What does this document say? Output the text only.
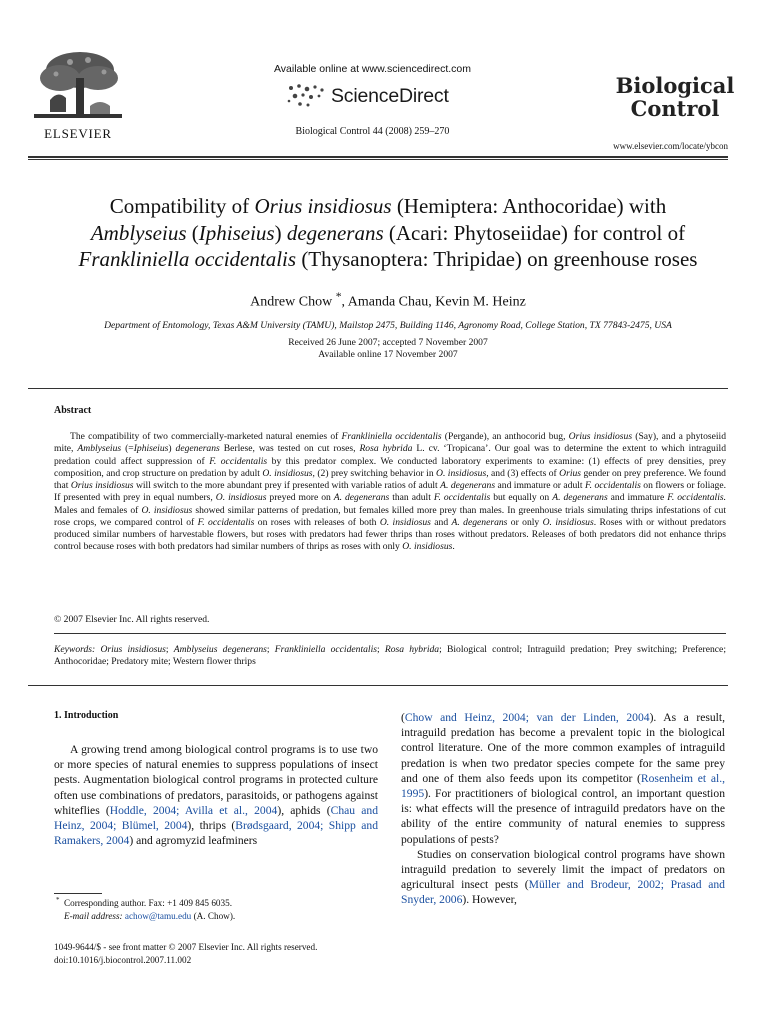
ELSEVIER
Available online at www.sciencedirect.com
ScienceDirect
Biological Control 44 (2008) 259–270
Biological
Control
www.elsevier.com/locate/ybcon
Compatibility of Orius insidiosus (Hemiptera: Anthocoridae) with
Amblyseius (Iphiseius) degenerans (Acari: Phytoseiidae) for control of
Frankliniella occidentalis (Thysanoptera: Thripidae) on greenhouse roses
Andrew Chow *, Amanda Chau, Kevin M. Heinz
Department of Entomology, Texas A&M University (TAMU), Mailstop 2475, Building 1146, Agronomy Road, College Station, TX 77843-2475, USA
Received 26 June 2007; accepted 7 November 2007
Available online 17 November 2007
Abstract
The compatibility of two commercially-marketed natural enemies of Frankliniella occidentalis (Pergande), an anthocorid bug, Orius insidiosus (Say), and a phytoseiid mite, Amblyseius (=Iphiseius) degenerans Berlese, was tested on cut roses, Rosa hybrida L. cv. ‘Tropicana’. Our goal was to determine the extent to which intraguild predation could affect suppression of F. occidentalis by this predator complex. We conducted laboratory experiments to examine: (1) effects of prey densities, prey composition, and crop structure on predation by adult O. insidiosus, (2) prey switching behavior in O. insidiosus, and (3) effects of Orius gender on prey preference. We found that Orius insidiosus will switch to the more abundant prey if presented with variable ratios of adult A. degenerans and immature or adult F. occidentalis on flowers or foliage. If presented with prey in equal numbers, O. insidiosus preyed more on A. degenerans than adult F. occidentalis but equally on A. degenerans and immature F. occidentalis. Males and females of O. insidiosus showed similar patterns of predation, but females killed more prey than males. In greenhouse trials simulating thrips infestations of cut rose crops, we compared control of F. occidentalis on roses with releases of both O. insidiosus and A. degenerans or only O. insidiosus. Roses with or without predators produced similar numbers of harvestable flowers, but roses with predators had fewer thrips than roses without predators. Releases of both predators did not enhance thrips control because roses with both predators had similar numbers of thrips as roses with only O. insidiosus.
© 2007 Elsevier Inc. All rights reserved.
Keywords: Orius insidiosus; Amblyseius degenerans; Frankliniella occidentalis; Rosa hybrida; Biological control; Intraguild predation; Prey switching; Preference; Anthocoridae; Predatory mite; Western flower thrips
1. Introduction
A growing trend among biological control programs is to use two or more species of natural enemies to suppress populations of insect pests. Augmentation biological control programs in protected culture often use combinations of predators, parasitoids, or pathogens against whiteflies (Hoddle, 2004; Avilla et al., 2004), aphids (Chau and Heinz, 2004; Blümel, 2004), thrips (Brødsgaard, 2004; Shipp and Ramakers, 2004) and agromyzid leafminers

(Chow and Heinz, 2004; van der Linden, 2004). As a result, intraguild predation has become a prevalent topic in the biological control literature. One of the more common examples of intraguild predation is when two predator species compete for the same prey and one of them also feeds upon its competitor (Rosenheim et al., 1995). For practitioners of biological control, an important question is: what effects will the presence of intraguild predators have on the ability of the entire community of natural enemies to suppress populations of pests?

Studies on conservation biological control programs have shown intraguild predation to severely limit the impact of predators on agricultural insect pests (Müller and Brodeur, 2002; Prasad and Snyder, 2006). However,

* Corresponding author. Fax: +1 409 845 6035.
E-mail address: achow@tamu.edu (A. Chow).
1049-9644/$ - see front matter © 2007 Elsevier Inc. All rights reserved.
doi:10.1016/j.biocontrol.2007.11.002
